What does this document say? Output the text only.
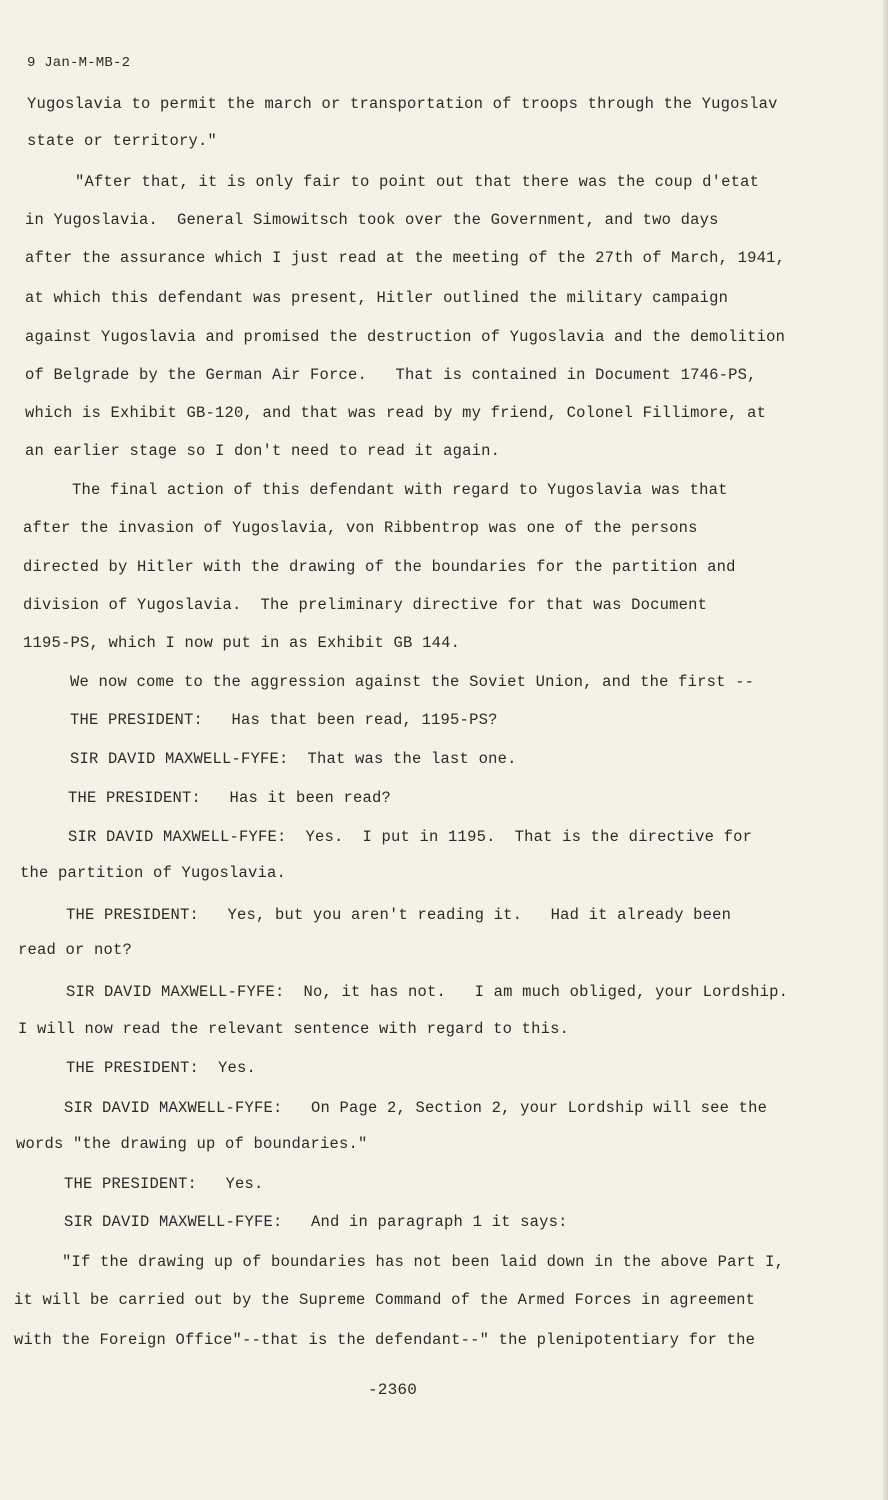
9 Jan-M-MB-2
Yugoslavia to permit the march or transportation of troops through the Yugoslav
state or territory."
"After that, it is only fair to point out that there was the coup d'etat
in Yugoslavia.  General Simowitsch took over the Government, and two days
after the assurance which I just read at the meeting of the 27th of March, 1941,
at which this defendant was present, Hitler outlined the military campaign
against Yugoslavia and promised the destruction of Yugoslavia and the demolition
of Belgrade by the German Air Force.   That is contained in Document 1746-PS,
which is Exhibit GB-120, and that was read by my friend, Colonel Fillimore, at
an earlier stage so I don't need to read it again.
The final action of this defendant with regard to Yugoslavia was that
after the invasion of Yugoslavia, von Ribbentrop was one of the persons
directed by Hitler with the drawing of the boundaries for the partition and
division of Yugoslavia.  The preliminary directive for that was Document
1195-PS, which I now put in as Exhibit GB 144.
We now come to the aggression against the Soviet Union, and the first --
THE PRESIDENT:   Has that been read, 1195-PS?
SIR DAVID MAXWELL-FYFE:  That was the last one.
THE PRESIDENT:   Has it been read?
SIR DAVID MAXWELL-FYFE:  Yes.  I put in 1195.  That is the directive for
the partition of Yugoslavia.
THE PRESIDENT:   Yes, but you aren't reading it.   Had it already been
read or not?
SIR DAVID MAXWELL-FYFE:  No, it has not.   I am much obliged, your Lordship.
I will now read the relevant sentence with regard to this.
THE PRESIDENT:  Yes.
SIR DAVID MAXWELL-FYFE:   On Page 2, Section 2, your Lordship will see the
words "the drawing up of boundaries."
THE PRESIDENT:   Yes.
SIR DAVID MAXWELL-FYFE:   And in paragraph 1 it says:
"If the drawing up of boundaries has not been laid down in the above Part I,
it will be carried out by the Supreme Command of the Armed Forces in agreement
with the Foreign Office"--that is the defendant--" the plenipotentiary for the
-2360
